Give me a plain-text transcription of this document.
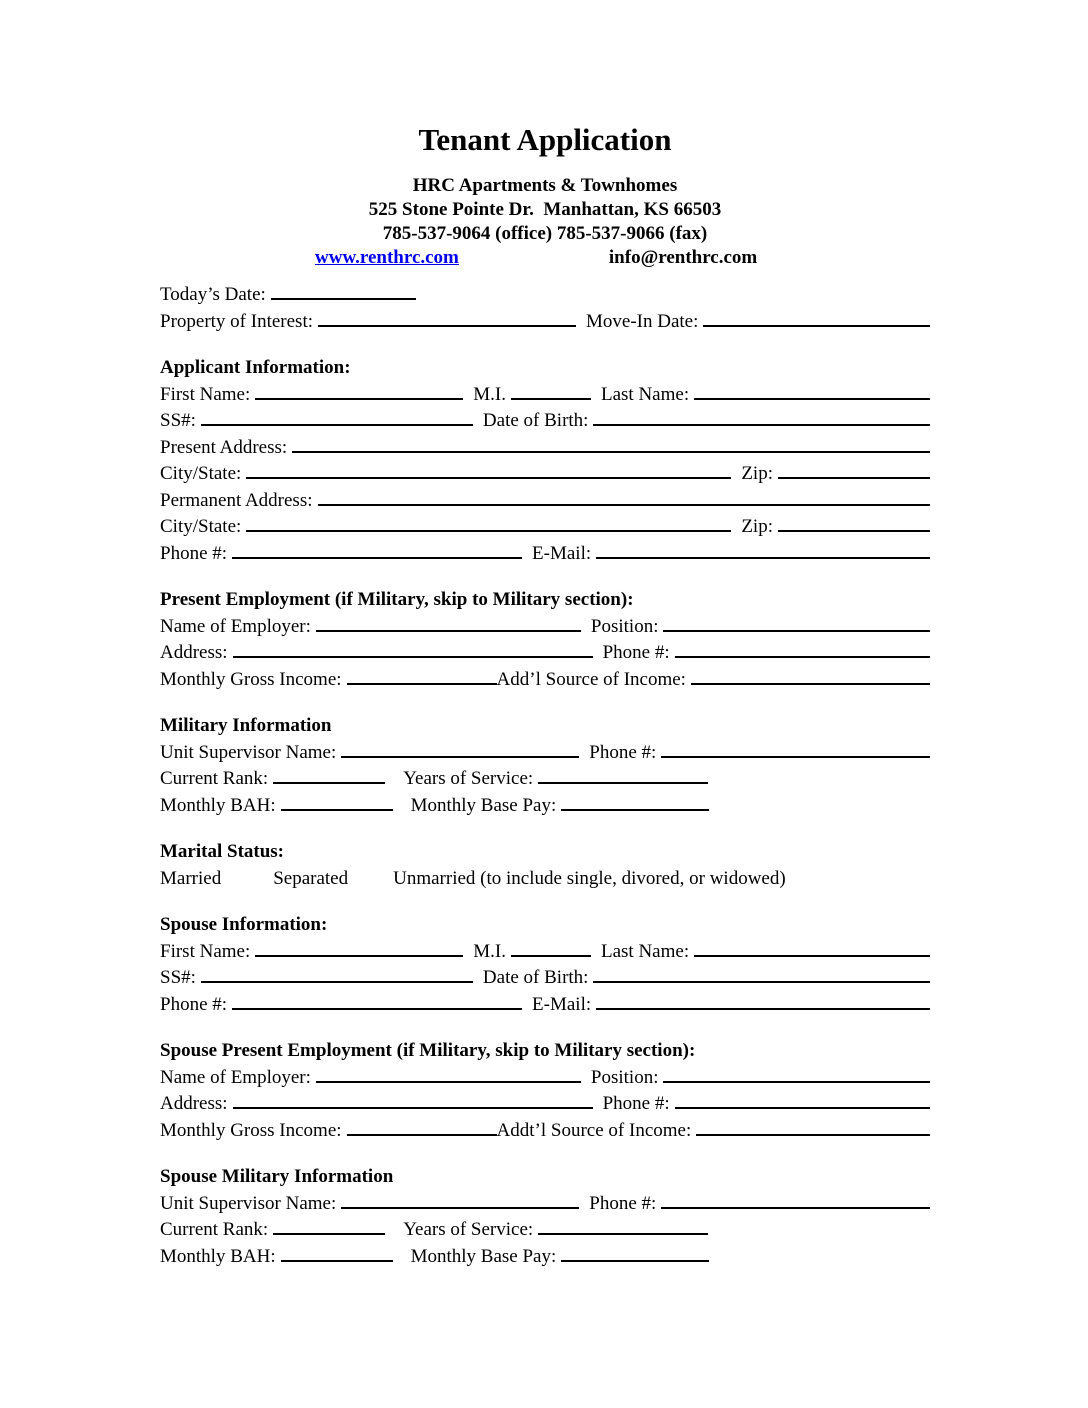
Tenant Application
HRC Apartments & Townhomes
525 Stone Pointe Dr.  Manhattan, KS 66503
785-537-9064 (office) 785-537-9066 (fax)
www.renthrc.com	info@renthrc.com
Today’s Date:
Property of Interest:	Move-In Date:
Applicant Information:
First Name:	M.I.	Last Name:
SS#:	Date of Birth:
Present Address:
City/State:	Zip:
Permanent Address:
City/State:	Zip:
Phone #:	E-Mail:
Present Employment (if Military, skip to Military section):
Name of Employer:	Position:
Address:	Phone #:
Monthly Gross Income:	Add’l Source of Income:
Military Information
Unit Supervisor Name:	Phone #:
Current Rank:	Years of Service:
Monthly BAH:	Monthly Base Pay:
Marital Status:
Married	Separated Unmarried (to include single, divored, or widowed)
Spouse Information:
First Name:	M.I.	Last Name:
SS#:	Date of Birth:
Phone #:	E-Mail:
Spouse Present Employment (if Military, skip to Military section):
Name of Employer:	Position:
Address:	Phone #:
Monthly Gross Income:	Addt’l Source of Income:
Spouse Military Information
Unit Supervisor Name:	Phone #:
Current Rank:	Years of Service:
Monthly BAH:	Monthly Base Pay:
